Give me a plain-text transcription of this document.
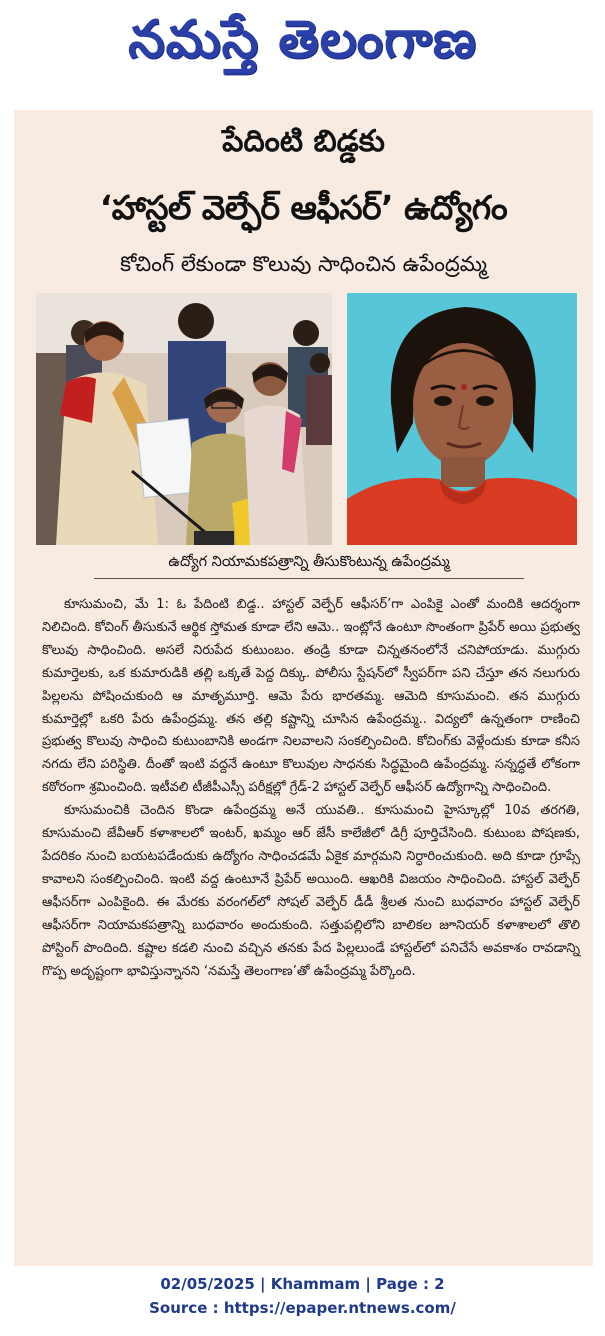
నమస్తే తెలంగాణ
పేదింటి బిడ్డకు
‘హాస్టల్ వెల్ఫేర్ ఆఫీసర్’ ఉద్యోగం
కోచింగ్ లేకుండా కొలువు సాధించిన ఉపేంద్రమ్మ
ఉద్యోగ నియామకపత్రాన్ని తీసుకొంటున్న ఉపేంద్రమ్మ

కూసుమంచి, మే 1: ఓ పేదింటి బిడ్డ.. హాస్టల్ వెల్ఫేర్ ఆఫీసర్’గా ఎంపికై ఎంతో మందికి ఆదర్శంగా నిలిచింది. కోచింగ్ తీసుకునే ఆర్థిక స్తోమత కూడా లేని ఆమె.. ఇంట్లోనే ఉంటూ సొంతంగా ప్రిపేర్ అయి ప్రభుత్వ కొలువు సాధించింది. అసలే నిరుపేద కుటుంబం. తండ్రి కూడా చిన్నతనంలోనే చనిపోయాడు. ముగ్గురు కుమార్తెలకు, ఒక కుమారుడికి తల్లి ఒక్కతే పెద్ద దిక్కు. పోలీసు స్టేషన్‌లో స్వీపర్‌గా పని చేస్తూ తన నలుగురు పిల్లలను పోషించుకుంది ఆ మాతృమూర్తి. ఆమె పేరు భారతమ్మ. ఆమెది కూసుమంచి. తన ముగ్గురు కుమార్తెల్లో ఒకరి పేరు ఉపేంద్రమ్మ. తన తల్లి కష్టాన్ని చూసిన ఉపేంద్రమ్మ.. విద్యలో ఉన్నతంగా రాణించి ప్రభుత్వ కొలువు సాధించి కుటుంబానికి అండగా నిలవాలని సంకల్పించింది. కోచింగ్‌కు వెళ్లేందుకు కూడా కనీస నగదు లేని పరిస్థితి. దీంతో ఇంటి వద్దనే ఉంటూ కొలువుల సాధనకు సిద్ధమైంది ఉపేంద్రమ్మ. సన్నద్ధతే లోకంగా కఠోరంగా శ్రమించింది. ఇటీవలి టీజీపీఎస్సీ పరీక్షల్లో గ్రేడ్-2 హాస్టల్ వెల్ఫేర్ ఆఫీసర్ ఉద్యోగాన్ని సాధించింది.

కూసుమంచికి చెందిన కొండా ఉపేంద్రమ్మ అనే యువతి.. కూసుమంచి హైస్కూల్లో 10వ తరగతి, కూసుమంచి జేవీఆర్ కళాశాలలో ఇంటర్, ఖమ్మం ఆర్ జేసీ కాలేజీలో డిగ్రీ పూర్తిచేసింది. కుటుంబ పోషణకు, పేదరికం నుంచి బయటపడేందుకు ఉద్యోగం సాధించడమే ఏకైక మార్గమని నిర్ధారించుకుంది. అది కూడా గ్రూప్సే కావాలని సంకల్పించింది. ఇంటి వద్ద ఉంటూనే ప్రిపేర్ అయింది. ఆఖరికి విజయం సాధించింది. హాస్టల్ వెల్ఫేర్ ఆఫీసర్‌గా ఎంపికైంది. ఈ మేరకు వరంగల్‌లో సోషల్ వెల్ఫేర్ డీడీ శ్రీలత నుంచి బుధవారం హాస్టల్ వెల్ఫేర్ ఆఫీసర్‌గా నియామకపత్రాన్ని బుధవారం అందుకుంది. సత్తుపల్లిలోని బాలికల జూనియర్ కళాశాలలో తొలి పోస్టింగ్ పొందింది. కష్టాల కడలి నుంచి వచ్చిన తనకు పేద పిల్లలుండే హాస్టల్‌లో పనిచేసే అవకాశం రావడాన్ని గొప్ప అదృష్టంగా భావిస్తున్నానని ‘నమస్తే తెలంగాణ’తో ఉపేంద్రమ్మ పేర్కొంది.

02/05/2025 | Khammam | Page : 2
Source : https://epaper.ntnews.com/
